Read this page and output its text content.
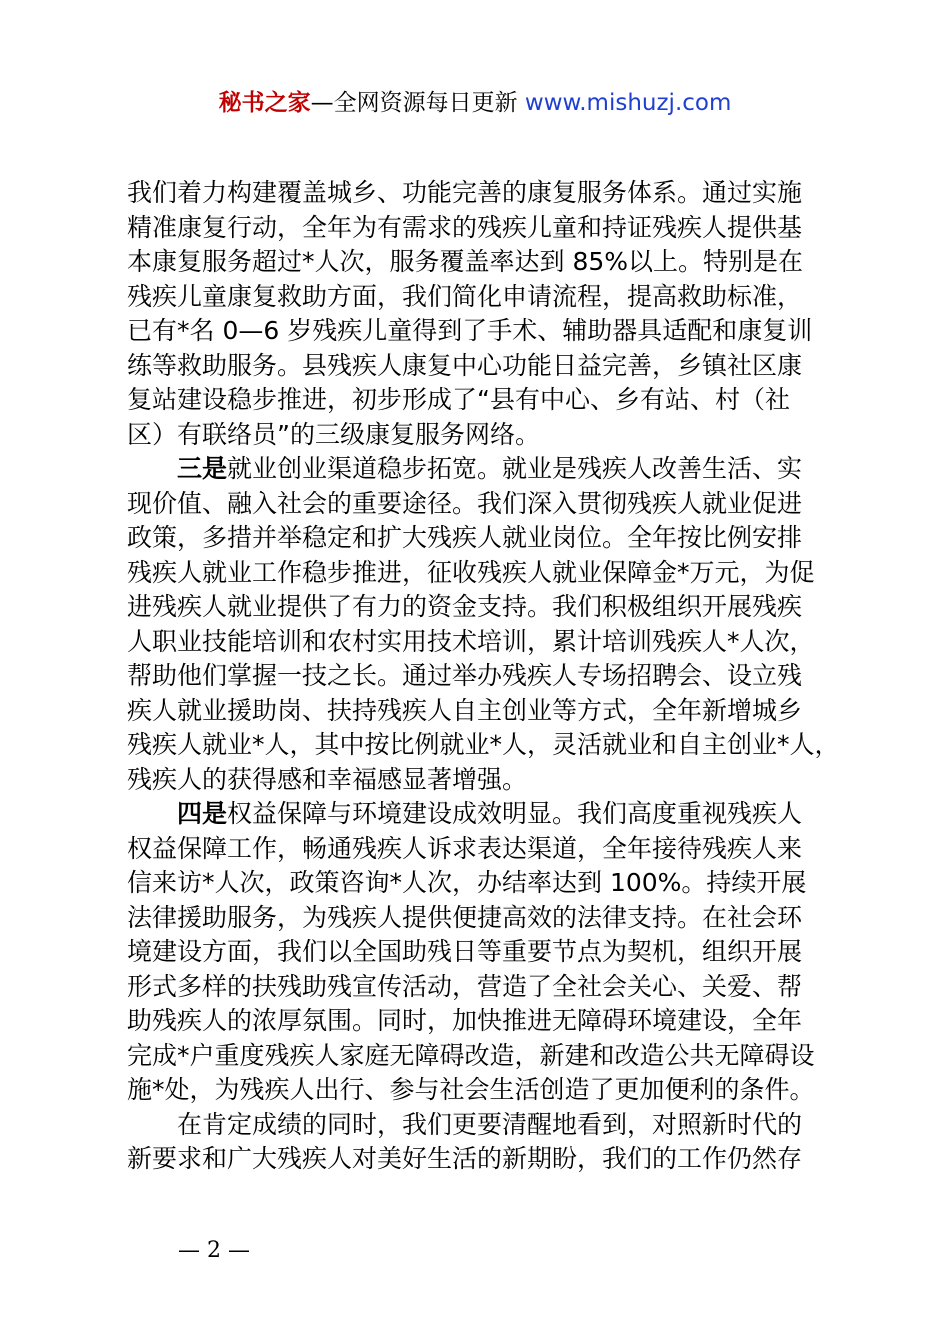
秘书之家—全网资源每日更新 www.mishuzj.com
我们着力构建覆盖城乡、功能完善的康复服务体系。通过实施
精准康复行动，全年为有需求的残疾儿童和持证残疾人提供基
本康复服务超过*人次，服务覆盖率达到 85%以上。特别是在
残疾儿童康复救助方面，我们简化申请流程，提高救助标准，
已有*名 0—6 岁残疾儿童得到了手术、辅助器具适配和康复训
练等救助服务。县残疾人康复中心功能日益完善，乡镇社区康
复站建设稳步推进，初步形成了“县有中心、乡有站、村（社
区）有联络员”的三级康复服务网络。
三是就业创业渠道稳步拓宽。就业是残疾人改善生活、实
现价值、融入社会的重要途径。我们深入贯彻残疾人就业促进
政策，多措并举稳定和扩大残疾人就业岗位。全年按比例安排
残疾人就业工作稳步推进，征收残疾人就业保障金*万元，为促
进残疾人就业提供了有力的资金支持。我们积极组织开展残疾
人职业技能培训和农村实用技术培训，累计培训残疾人*人次，
帮助他们掌握一技之长。通过举办残疾人专场招聘会、设立残
疾人就业援助岗、扶持残疾人自主创业等方式，全年新增城乡
残疾人就业*人，其中按比例就业*人，灵活就业和自主创业*人，
残疾人的获得感和幸福感显著增强。
四是权益保障与环境建设成效明显。我们高度重视残疾人
权益保障工作，畅通残疾人诉求表达渠道，全年接待残疾人来
信来访*人次，政策咨询*人次，办结率达到 100%。持续开展
法律援助服务，为残疾人提供便捷高效的法律支持。在社会环
境建设方面，我们以全国助残日等重要节点为契机，组织开展
形式多样的扶残助残宣传活动，营造了全社会关心、关爱、帮
助残疾人的浓厚氛围。同时，加快推进无障碍环境建设，全年
完成*户重度残疾人家庭无障碍改造，新建和改造公共无障碍设
施*处，为残疾人出行、参与社会生活创造了更加便利的条件。
在肯定成绩的同时，我们更要清醒地看到，对照新时代的
新要求和广大残疾人对美好生活的新期盼，我们的工作仍然存
— 2 —
